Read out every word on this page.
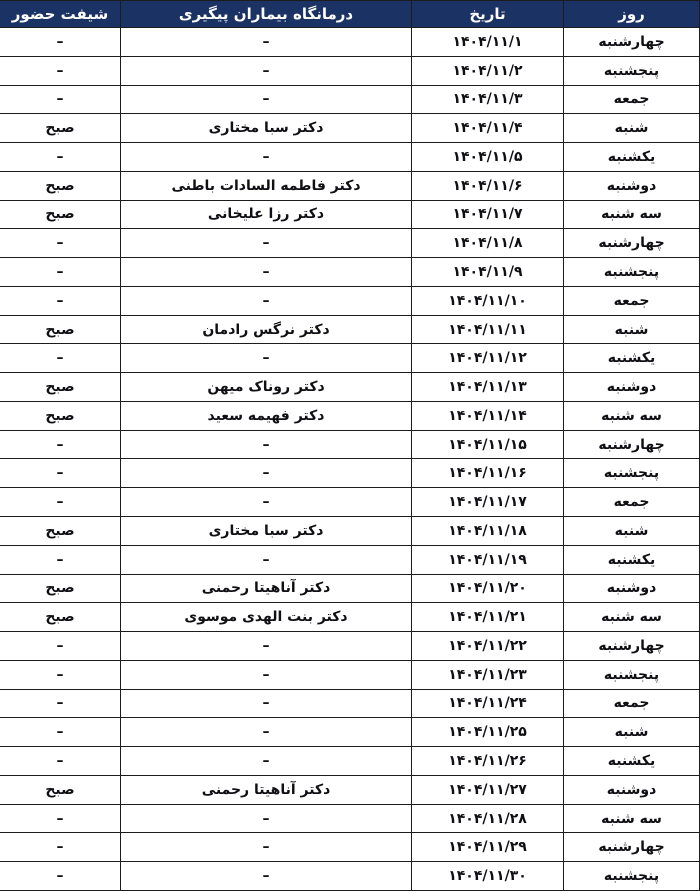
روز	تاریخ	درمانگاه بیماران پیگیری	شیفت حضور
چهارشنبه	۱۴۰۴/۱۱/۱	–	–
پنجشنبه	۱۴۰۴/۱۱/۲	–	–
جمعه	۱۴۰۴/۱۱/۳	–	–
شنبه	۱۴۰۴/۱۱/۴	دکتر سبا مختاری	صبح
یکشنبه	۱۴۰۴/۱۱/۵	–	–
دوشنبه	۱۴۰۴/۱۱/۶	دکتر فاطمه السادات باطنی	صبح
سه شنبه	۱۴۰۴/۱۱/۷	دکتر رزا علیخانی	صبح
چهارشنبه	۱۴۰۴/۱۱/۸	–	–
پنجشنبه	۱۴۰۴/۱۱/۹	–	–
جمعه	۱۴۰۴/۱۱/۱۰	–	–
شنبه	۱۴۰۴/۱۱/۱۱	دکتر نرگس رادمان	صبح
یکشنبه	۱۴۰۴/۱۱/۱۲	–	–
دوشنبه	۱۴۰۴/۱۱/۱۳	دکتر روناک میهن	صبح
سه شنبه	۱۴۰۴/۱۱/۱۴	دکتر فهیمه سعید	صبح
چهارشنبه	۱۴۰۴/۱۱/۱۵	–	–
پنجشنبه	۱۴۰۴/۱۱/۱۶	–	–
جمعه	۱۴۰۴/۱۱/۱۷	–	–
شنبه	۱۴۰۴/۱۱/۱۸	دکتر سبا مختاری	صبح
یکشنبه	۱۴۰۴/۱۱/۱۹	–	–
دوشنبه	۱۴۰۴/۱۱/۲۰	دکتر آناهیتا رحمنی	صبح
سه شنبه	۱۴۰۴/۱۱/۲۱	دکتر بنت الهدی موسوی	صبح
چهارشنبه	۱۴۰۴/۱۱/۲۲	–	–
پنجشنبه	۱۴۰۴/۱۱/۲۳	–	–
جمعه	۱۴۰۴/۱۱/۲۴	–	–
شنبه	۱۴۰۴/۱۱/۲۵	–	–
یکشنبه	۱۴۰۴/۱۱/۲۶	–	–
دوشنبه	۱۴۰۴/۱۱/۲۷	دکتر آناهیتا رحمنی	صبح
سه شنبه	۱۴۰۴/۱۱/۲۸	–	–
چهارشنبه	۱۴۰۴/۱۱/۲۹	–	–
پنجشنبه	۱۴۰۴/۱۱/۳۰	–	–
